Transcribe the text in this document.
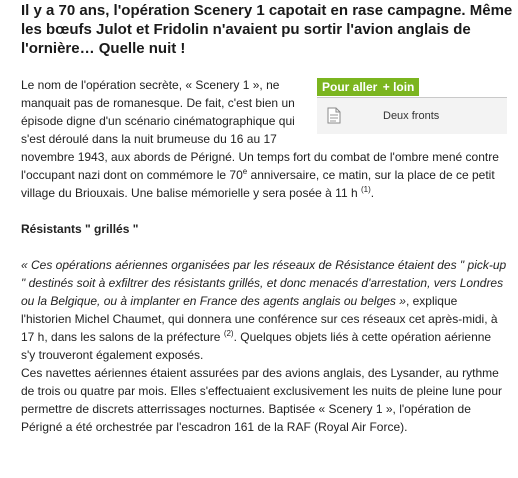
Il y a 70 ans, l'opération Scenery 1 capotait en rase campagne. Même les bœufs Julot et Fridolin n'avaient pu sortir l'avion anglais de l'ornière… Quelle nuit !
Pour aller + loin
Deux fronts

Le nom de l'opération secrète, « Scenery 1 », ne manquait pas de romanesque. De fait, c'est bien un épisode digne d'un scénario cinématographique qui s'est déroulé dans la nuit brumeuse du 16 au 17 novembre 1943, aux abords de Périgné. Un temps fort du combat de l'ombre mené contre l'occupant nazi dont on commémore le 70e anniversaire, ce matin, sur la place de ce petit village du Briouxais. Une balise mémorielle y sera posée à 11 h $^{(1)}$.

Résistants " grillés "

« Ces opérations aériennes organisées par les réseaux de Résistance étaient des " pick-up " destinés soit à exfiltrer des résistants grillés, et donc menacés d'arrestation, vers Londres ou la Belgique, ou à implanter en France des agents anglais ou belges », explique l'historien Michel Chaumet, qui donnera une conférence sur ces réseaux cet après-midi, à 17 h, dans les salons de la préfecture $^{(2)}$. Quelques objets liés à cette opération aérienne s'y trouveront également exposés.

Ces navettes aériennes étaient assurées par des avions anglais, des Lysander, au rythme de trois ou quatre par mois. Elles s'effectuaient exclusivement les nuits de pleine lune pour permettre de discrets atterrissages nocturnes. Baptisée « Scenery 1 », l'opération de Périgné a été orchestrée par l'escadron 161 de la RAF (Royal Air Force).
